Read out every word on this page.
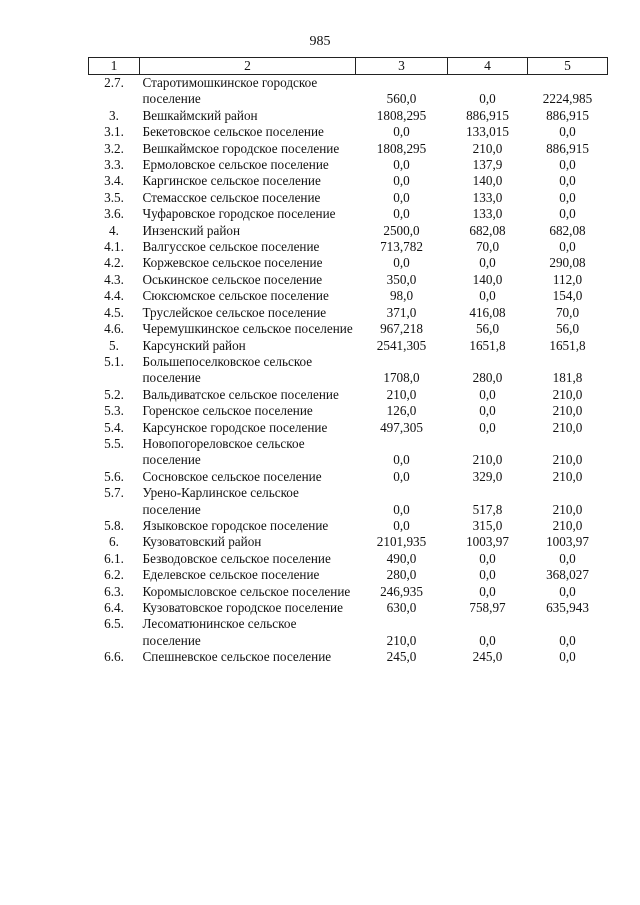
985
1	2	3	4	5
2.7.	Старотимошкинское городское поселение	560,0	0,0	2224,985
3.	Вешкаймский район	1808,295	886,915	886,915
3.1.	Бекетовское сельское поселение	0,0	133,015	0,0
3.2.	Вешкаймское городское поселение	1808,295	210,0	886,915
3.3.	Ермоловское сельское поселение	0,0	137,9	0,0
3.4.	Каргинское сельское поселение	0,0	140,0	0,0
3.5.	Стемасское сельское поселение	0,0	133,0	0,0
3.6.	Чуфаровское городское поселение	0,0	133,0	0,0
4.	Инзенский район	2500,0	682,08	682,08
4.1.	Валгусское сельское поселение	713,782	70,0	0,0
4.2.	Коржевское сельское поселение	0,0	0,0	290,08
4.3.	Оськинское сельское поселение	350,0	140,0	112,0
4.4.	Сюксюмское сельское поселение	98,0	0,0	154,0
4.5.	Труслейское сельское поселение	371,0	416,08	70,0
4.6.	Черемушкинское сельское поселение	967,218	56,0	56,0
5.	Карсунский район	2541,305	1651,8	1651,8
5.1.	Большепоселковское сельское поселение	1708,0	280,0	181,8
5.2.	Вальдиватское сельское поселение	210,0	0,0	210,0
5.3.	Горенское сельское поселение	126,0	0,0	210,0
5.4.	Карсунское городское поселение	497,305	0,0	210,0
5.5.	Новопогореловское сельское поселение	0,0	210,0	210,0
5.6.	Сосновское сельское поселение	0,0	329,0	210,0
5.7.	Урено-Карлинское сельское поселение	0,0	517,8	210,0
5.8.	Языковское городское поселение	0,0	315,0	210,0
6.	Кузоватовский район	2101,935	1003,97	1003,97
6.1.	Безводовское сельское поселение	490,0	0,0	0,0
6.2.	Еделевское сельское поселение	280,0	0,0	368,027
6.3.	Коромысловское сельское поселение	246,935	0,0	0,0
6.4.	Кузоватовское городское поселение	630,0	758,97	635,943
6.5.	Лесоматюнинское сельское поселение	210,0	0,0	0,0
6.6.	Спешневское сельское поселение	245,0	245,0	0,0
